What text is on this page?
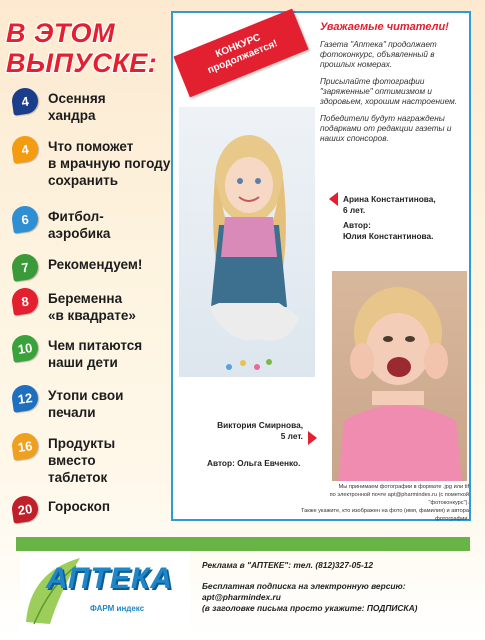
В ЭТОМ
ВЫПУСКЕ:
4	Осенняя
хандра
4	Что поможет
в мрачную погоду
сохранить
6	Фитбол-
аэробика
7	Рекомендуем!
8	Беременна
«в квадрате»
10	Чем питаются
наши дети
12	Утопи свои
печали
16	Продукты
вместо
таблеток
20	Гороскоп
КОНКУРС
продолжается!
Уважаемые читатели!

Газета "Аптека" продолжает фотоконкурс, объявленный в прошлых номерах.

Присылайте фотографии "заряженные" оптимизмом и здоровьем, хорошим настроением.

Победители будут награждены подарками от редакции газеты и наших спонсоров.

Арина Константинова,
6 лет.
Автор:
Юлия Константинова.
Виктория Смирнова,
5 лет.
Автор: Ольга Евченко.
Мы принимаем фотографии в формате .jpg или tif
по электронной почте apt@pharmindex.ru (с пометкой "фотоконкурс").
Также укажите, кто изображен на фото (имя, фамилия) и автора фотографии.
АПТЕКА
ФАРМ индекс
Реклама в "АПТЕКЕ": тел. (812)327-05-12
Бесплатная подписка на электронную версию:
apt@pharmindex.ru
(в заголовке письма просто укажите: ПОДПИСКА)
